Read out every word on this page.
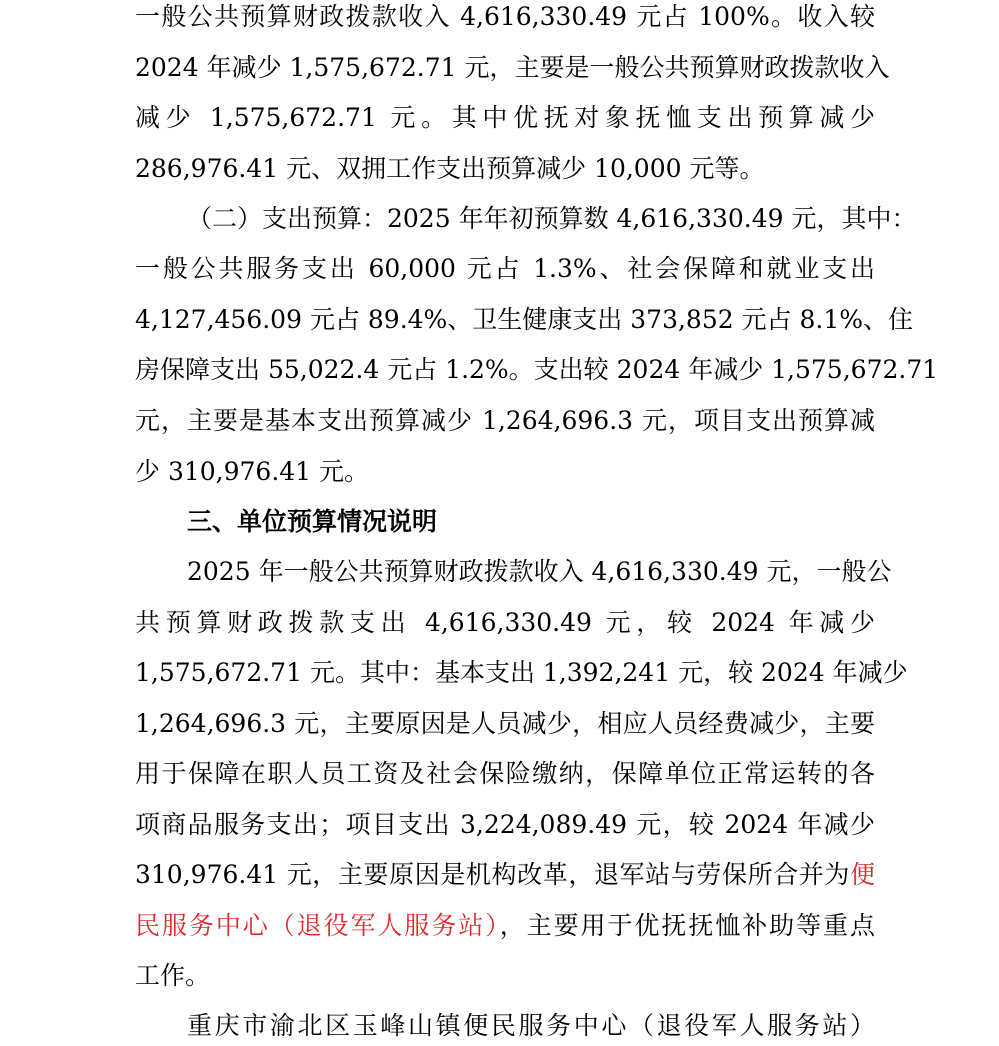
一般公共预算财政拨款收入 4,616,330.49 元占 100%。收入较
2024 年减少 1,575,672.71 元，主要是一般公共预算财政拨款收入
减少 1,575,672.71 元。其中优抚对象抚恤支出预算减少
286,976.41 元、双拥工作支出预算减少 10,000 元等。
（二）支出预算：2025 年年初预算数 4,616,330.49 元，其中：
一般公共服务支出 60,000 元占 1.3%、社会保障和就业支出
4,127,456.09 元占 89.4%、卫生健康支出 373,852 元占 8.1%、住
房保障支出 55,022.4 元占 1.2%。支出较 2024 年减少 1,575,672.71
元，主要是基本支出预算减少 1,264,696.3 元，项目支出预算减
少 310,976.41 元。
三、单位预算情况说明
2025 年一般公共预算财政拨款收入 4,616,330.49 元，一般公
共预算财政拨款支出 4,616,330.49 元，较 2024 年减少
1,575,672.71 元。其中：基本支出 1,392,241 元，较 2024 年减少
1,264,696.3 元，主要原因是人员减少，相应人员经费减少，主要
用于保障在职人员工资及社会保险缴纳，保障单位正常运转的各
项商品服务支出；项目支出 3,224,089.49 元，较 2024 年减少
310,976.41 元，主要原因是机构改革，退军站与劳保所合并为便
民服务中心（退役军人服务站），主要用于优抚抚恤补助等重点
工作。
重庆市渝北区玉峰山镇便民服务中心（退役军人服务站）
